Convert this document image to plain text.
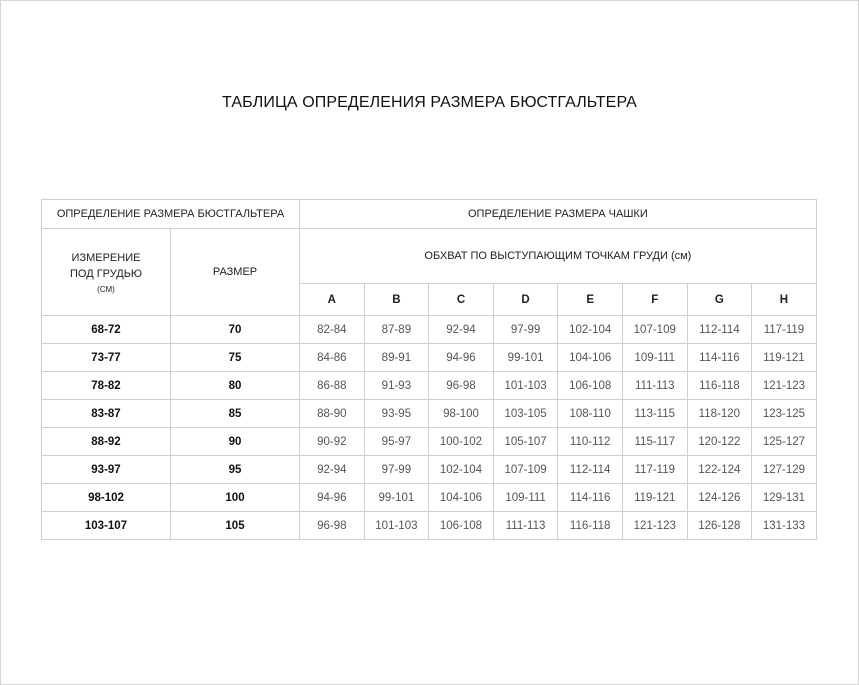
ТАБЛИЦА ОПРЕДЕЛЕНИЯ РАЗМЕРА БЮСТГАЛЬТЕРА
ОПРЕДЕЛЕНИЕ РАЗМЕРА БЮСТГАЛЬТЕРА		ОПРЕДЕЛЕНИЕ РАЗМЕРА ЧАШКИ							

ИЗМЕРЕНИЕ
ПОД ГРУДЬЮ
(СМ)	РАЗМЕР	ОБХВАТ ПО ВЫСТУПАЮЩИМ ТОЧКАМ ГРУДИ (см)							
		A	B	C	D	E	F	G	H
68-72	70	82-84	87-89	92-94	97-99	102-104	107-109	112-114	117-119
73-77	75	84-86	89-91	94-96	99-101	104-106	109-111	114-116	119-121
78-82	80	86-88	91-93	96-98	101-103	106-108	111-113	116-118	121-123
83-87	85	88-90	93-95	98-100	103-105	108-110	113-115	118-120	123-125
88-92	90	90-92	95-97	100-102	105-107	110-112	115-117	120-122	125-127
93-97	95	92-94	97-99	102-104	107-109	112-114	117-119	122-124	127-129
98-102	100	94-96	99-101	104-106	109-111	114-116	119-121	124-126	129-131
103-107	105	96-98	101-103	106-108	111-113	116-118	121-123	126-128	131-133
